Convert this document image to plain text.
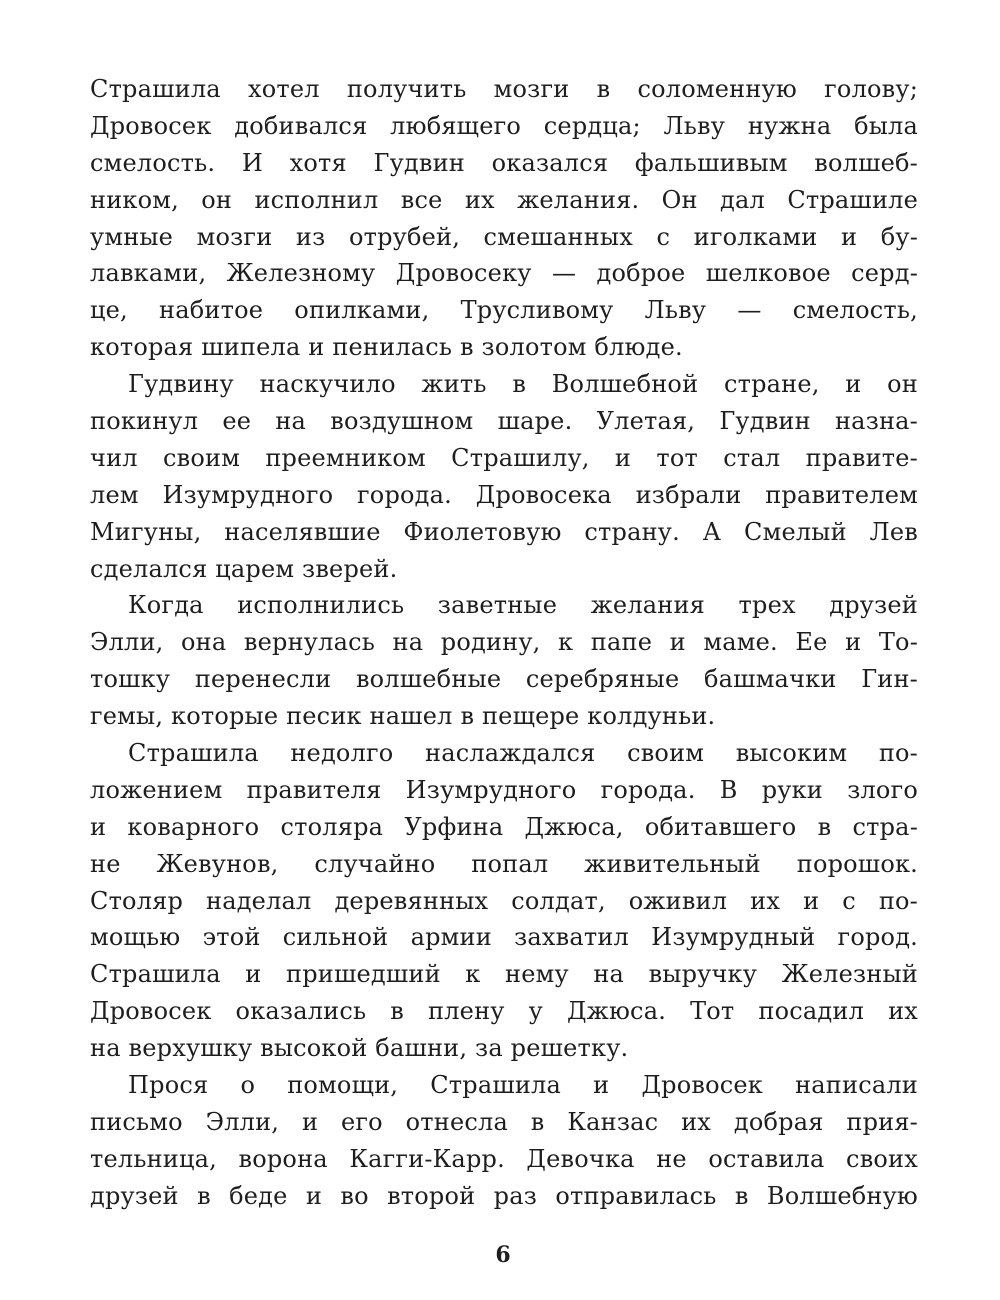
Страшила хотел получить мозги в соломенную голову;
Дровосек добивался любящего сердца; Льву нужна была
смелость. И хотя Гудвин оказался фальшивым волшеб-
ником, он исполнил все их желания. Он дал Страшиле
умные мозги из отрубей, смешанных с иголками и бу-
лавками, Железному Дровосеку — доброе шелковое серд-
це, набитое опилками, Трусливому Льву — смелость,
которая шипела и пенилась в золотом блюде.
Гудвину наскучило жить в Волшебной стране, и он
покинул ее на воздушном шаре. Улетая, Гудвин назна-
чил своим преемником Страшилу, и тот стал правите-
лем Изумрудного города. Дровосека избрали правителем
Мигуны, населявшие Фиолетовую страну. А Смелый Лев
сделался царем зверей.
Когда исполнились заветные желания трех друзей
Элли, она вернулась на родину, к папе и маме. Ее и То-
тошку перенесли волшебные серебряные башмачки Гин-
гемы, которые песик нашел в пещере колдуньи.
Страшила недолго наслаждался своим высоким по-
ложением правителя Изумрудного города. В руки злого
и коварного столяра Урфина Джюса, обитавшего в стра-
не Жевунов, случайно попал живительный порошок.
Столяр наделал деревянных солдат, оживил их и с по-
мощью этой сильной армии захватил Изумрудный город.
Страшила и пришедший к нему на выручку Железный
Дровосек оказались в плену у Джюса. Тот посадил их
на верхушку высокой башни, за решетку.
Прося о помощи, Страшила и Дровосек написали
письмо Элли, и его отнесла в Канзас их добрая прия-
тельница, ворона Кагги-Карр. Девочка не оставила своих
друзей в беде и во второй раз отправилась в Волшебную
6
